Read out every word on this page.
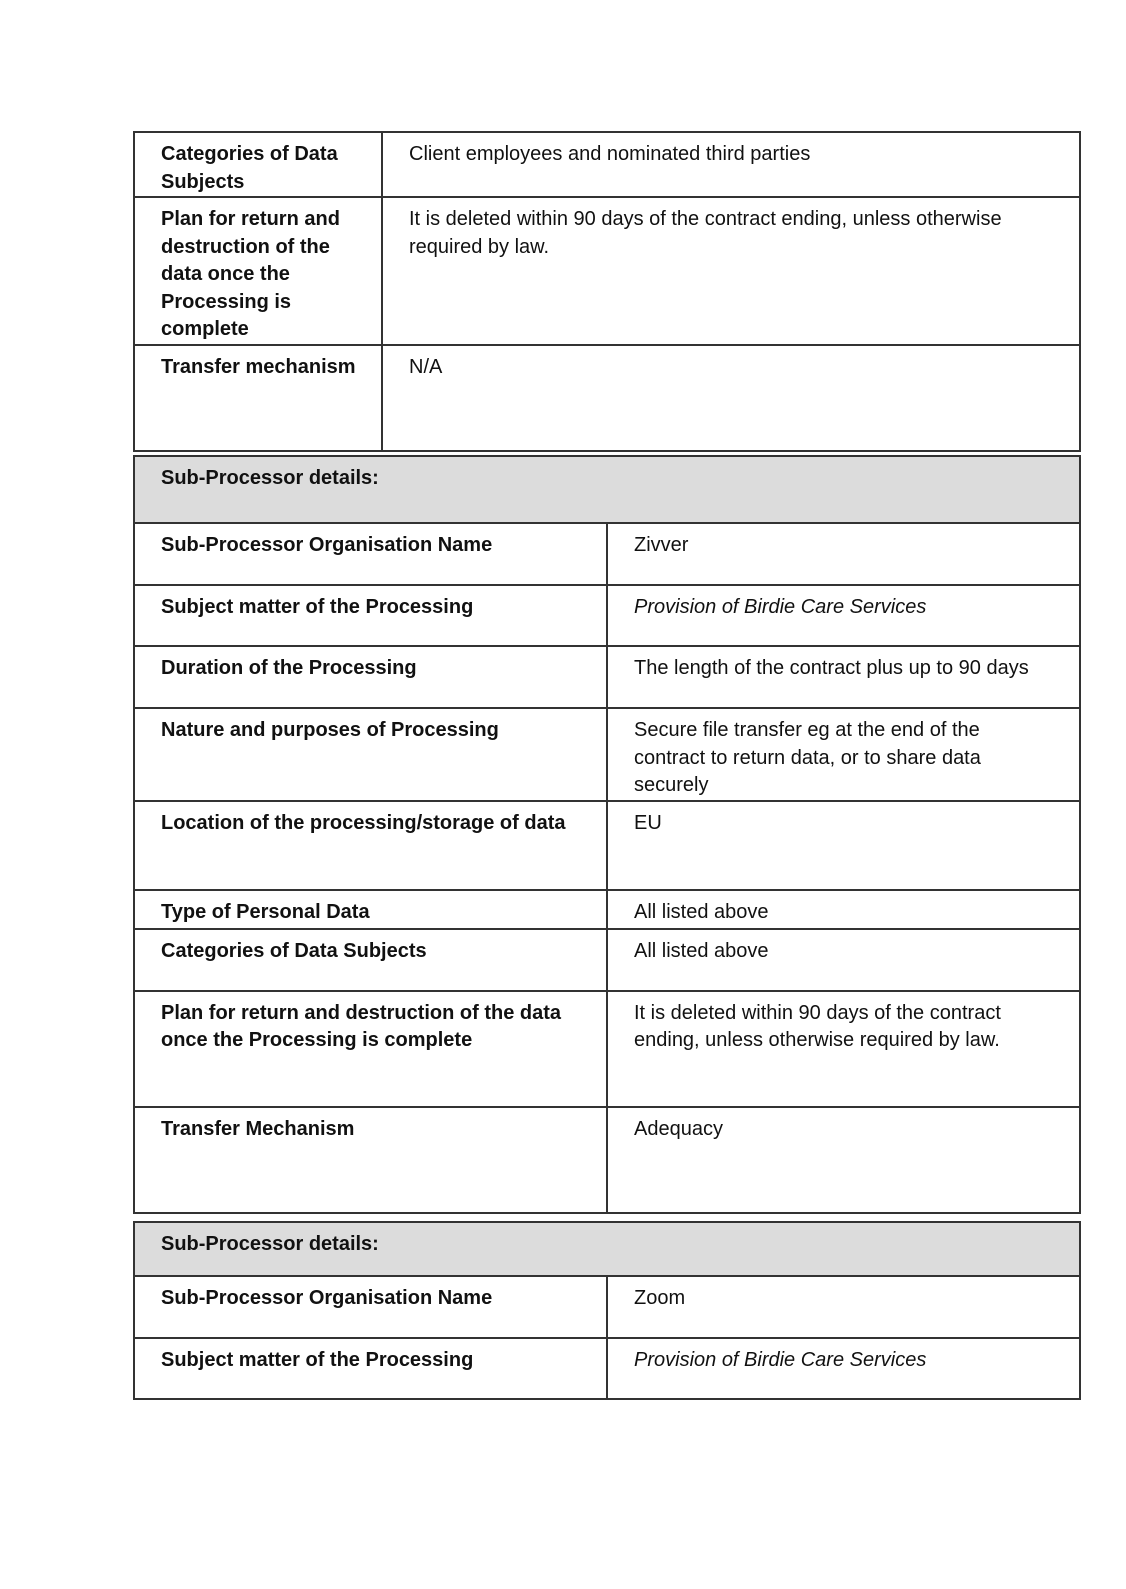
Categories of Data Subjects	Client employees and nominated third parties
Plan for return and destruction of the data once the Processing is complete	It is deleted within 90 days of the contract ending, unless otherwise required by law.
Transfer mechanism	N/A
Sub-Processor details:	
Sub-Processor Organisation Name	Zivver
Subject matter of the Processing	Provision of Birdie Care Services
Duration of the Processing	The length of the contract plus up to 90 days
Nature and purposes of Processing	Secure file transfer eg at the end of the contract to return data, or to share data securely
Location of the processing/storage of data	EU
Type of Personal Data	All listed above
Categories of Data Subjects	All listed above
Plan for return and destruction of the data once the Processing is complete	It is deleted within 90 days of the contract ending, unless otherwise required by law.
Transfer Mechanism	Adequacy
Sub-Processor details:	
Sub-Processor Organisation Name	Zoom
Subject matter of the Processing	Provision of Birdie Care Services
